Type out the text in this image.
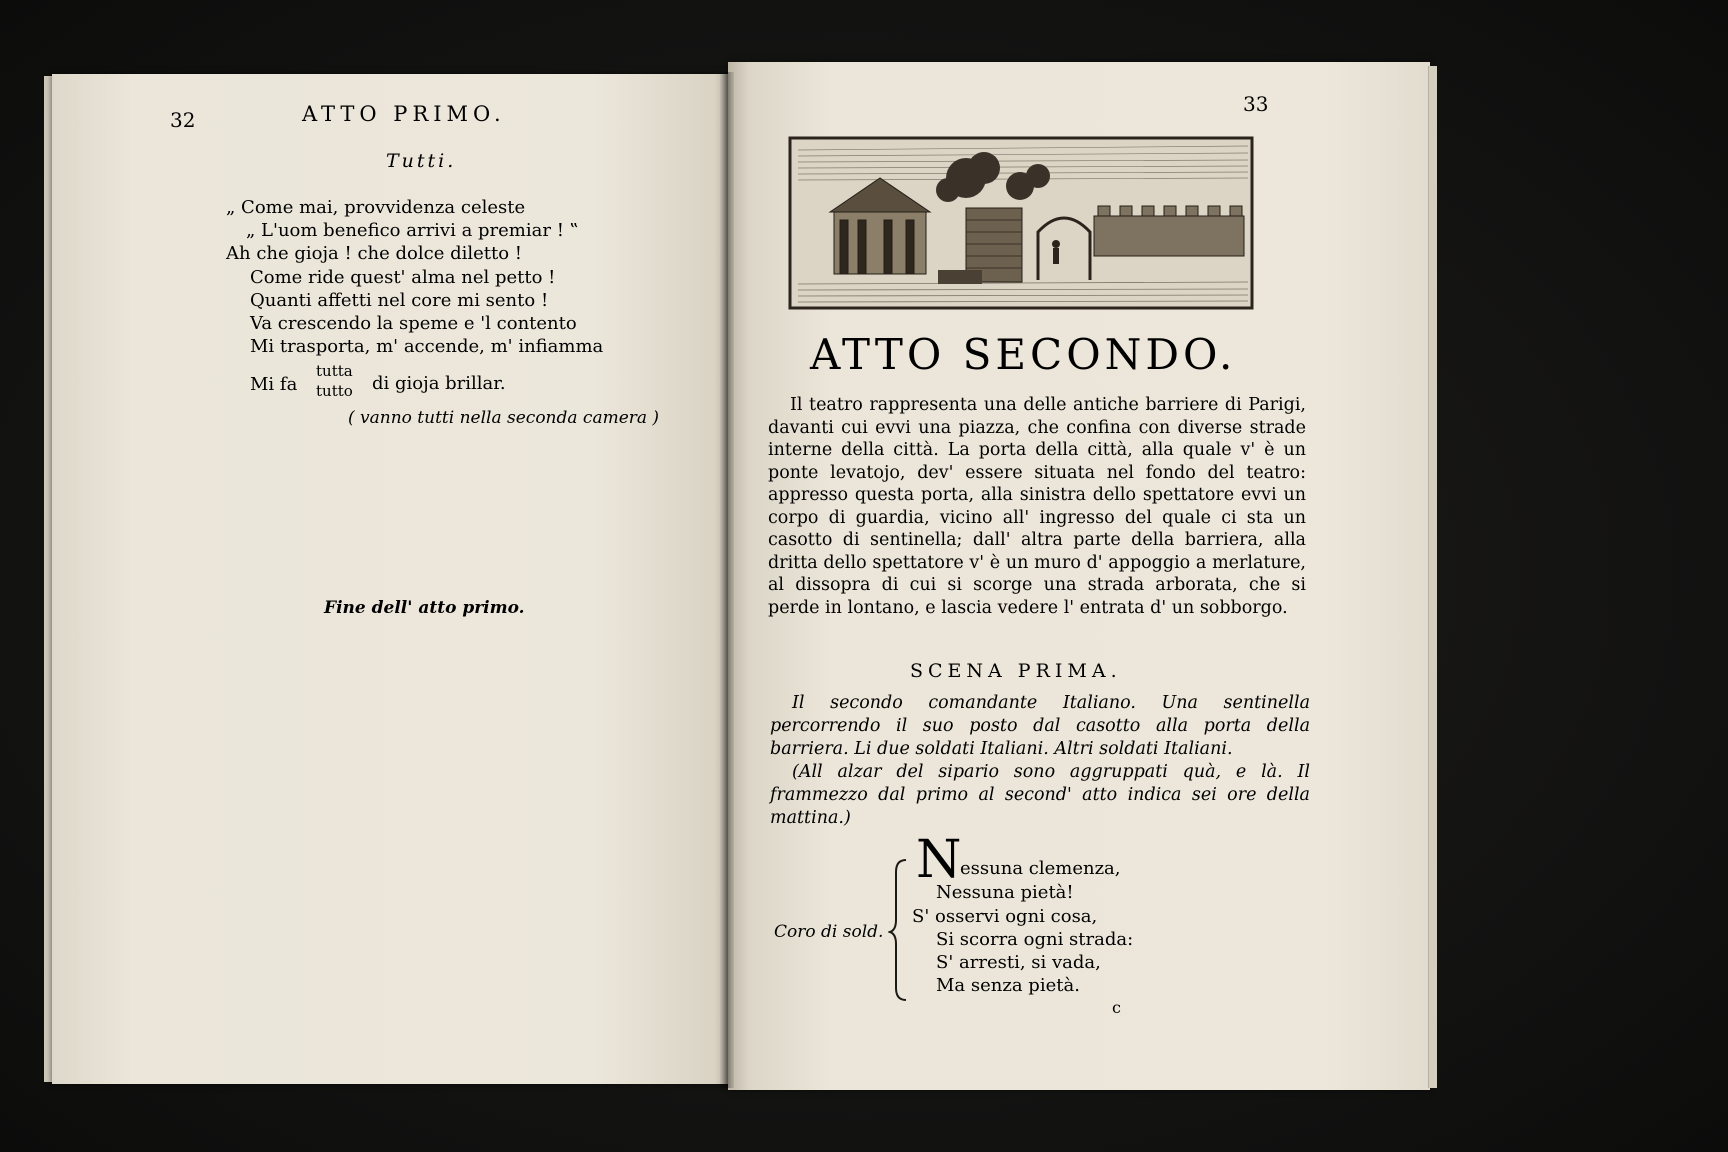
32	ATTO PRIMO.
Tutti.
„ Come mai, provvidenza celeste
„ L'uom benefico arrivi a premiar ! ‟
Ah che gioja ! che dolce diletto !
Come ride quest' alma nel petto !
Quanti affetti nel core mi sento !
Va crescendo la speme e 'l contento
Mi trasporta, m' accende, m' infiamma
Mi fa
tutta
tutto di gioja brillar.
( vanno tutti nella seconda camera )
Fine dell' atto primo.
33
ATTO SECONDO.

Il teatro rappresenta una delle antiche barriere di Parigi, davanti cui evvi una piazza, che confina con diverse strade interne della città. La porta della città, alla quale v' è un ponte levatojo, dev' essere situata nel fondo del teatro: appresso questa porta, alla sinistra dello spettatore evvi un corpo di guardia, vicino all' ingresso del quale ci sta un casotto di sentinella; dall' altra parte della barriera, alla dritta dello spettatore v' è un muro d' appoggio a merlature, al dissopra di cui si scorge una strada arborata, che si perde in lontano, e lascia vedere l' entrata d' un sobborgo.

SCENA PRIMA.

Il secondo comandante Italiano. Una sentinella percorrendo il suo posto dal casotto alla porta della barriera. Li due soldati Italiani. Altri soldati Italiani.

(All alzar del sipario sono aggruppati quà, e là. Il frammezzo dal primo al second' atto indica sei ore della mattina.)

Coro di sold.
N
essuna clemenza,
Nessuna pietà!
S' osservi ogni cosa,
Si scorra ogni strada:
S' arresti, si vada,
Ma senza pietà.
c
